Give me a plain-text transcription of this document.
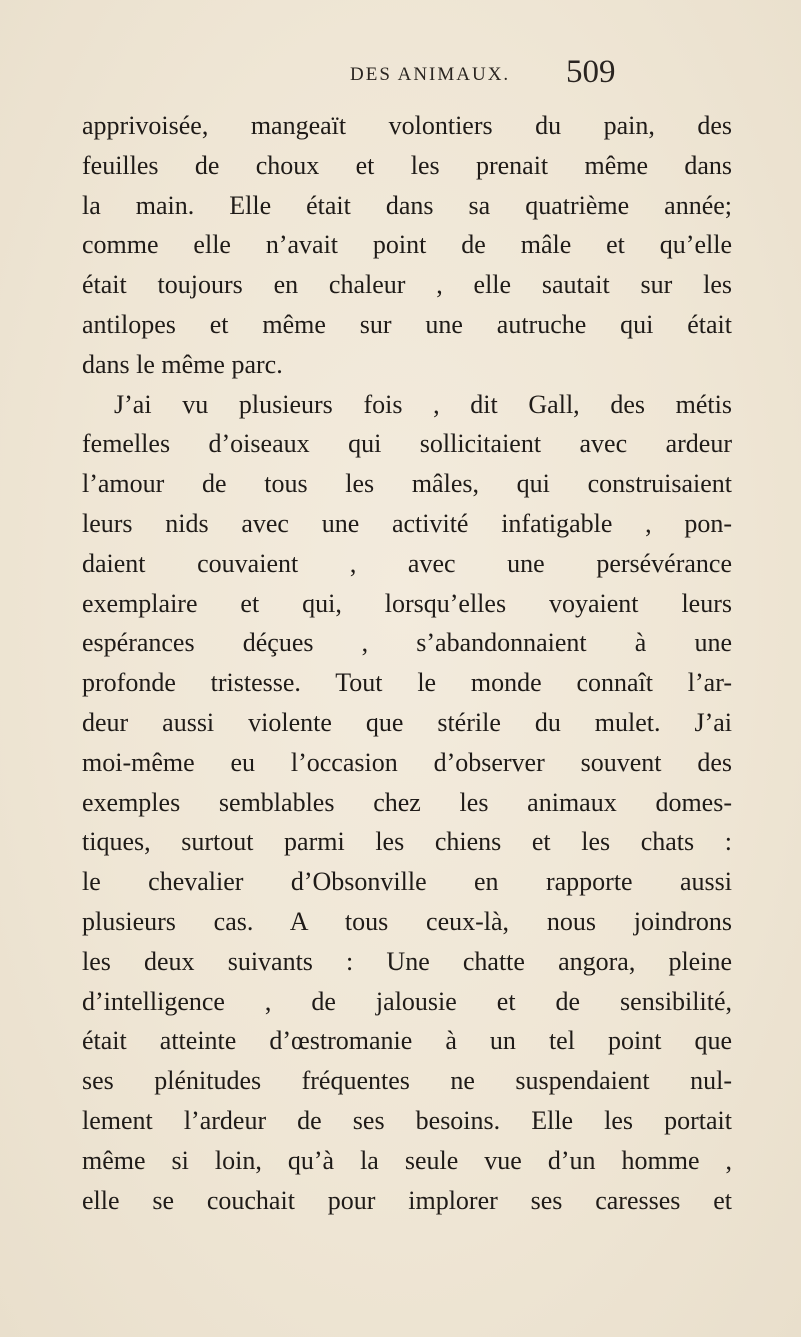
DES ANIMAUX. 509
apprivoisée, mangeaït volontiers du pain, des
feuilles de choux et les prenait même dans
la main. Elle était dans sa quatrième année;
comme elle n’avait point de mâle et qu’elle
était toujours en chaleur , elle sautait sur les
antilopes et même sur une autruche qui était
dans le même parc.
J’ai vu plusieurs fois , dit Gall, des métis
femelles d’oiseaux qui sollicitaient avec ardeur
l’amour de tous les mâles, qui construisaient
leurs nids avec une activité infatigable , pon-
daient couvaient , avec une persévérance
exemplaire et qui, lorsqu’elles voyaient leurs
espérances déçues , s’abandonnaient à une
profonde tristesse. Tout le monde connaît l’ar-
deur aussi violente que stérile du mulet. J’ai
moi-même eu l’occasion d’observer souvent des
exemples semblables chez les animaux domes-
tiques, surtout parmi les chiens et les chats :
le chevalier d’Obsonville en rapporte aussi
plusieurs cas. A tous ceux-là, nous joindrons
les deux suivants : Une chatte angora, pleine
d’intelligence , de jalousie et de sensibilité,
était atteinte d’œstromanie à un tel point que
ses plénitudes fréquentes ne suspendaient nul-
lement l’ardeur de ses besoins. Elle les portait
même si loin, qu’à la seule vue d’un homme ,
elle se couchait pour implorer ses caresses et
